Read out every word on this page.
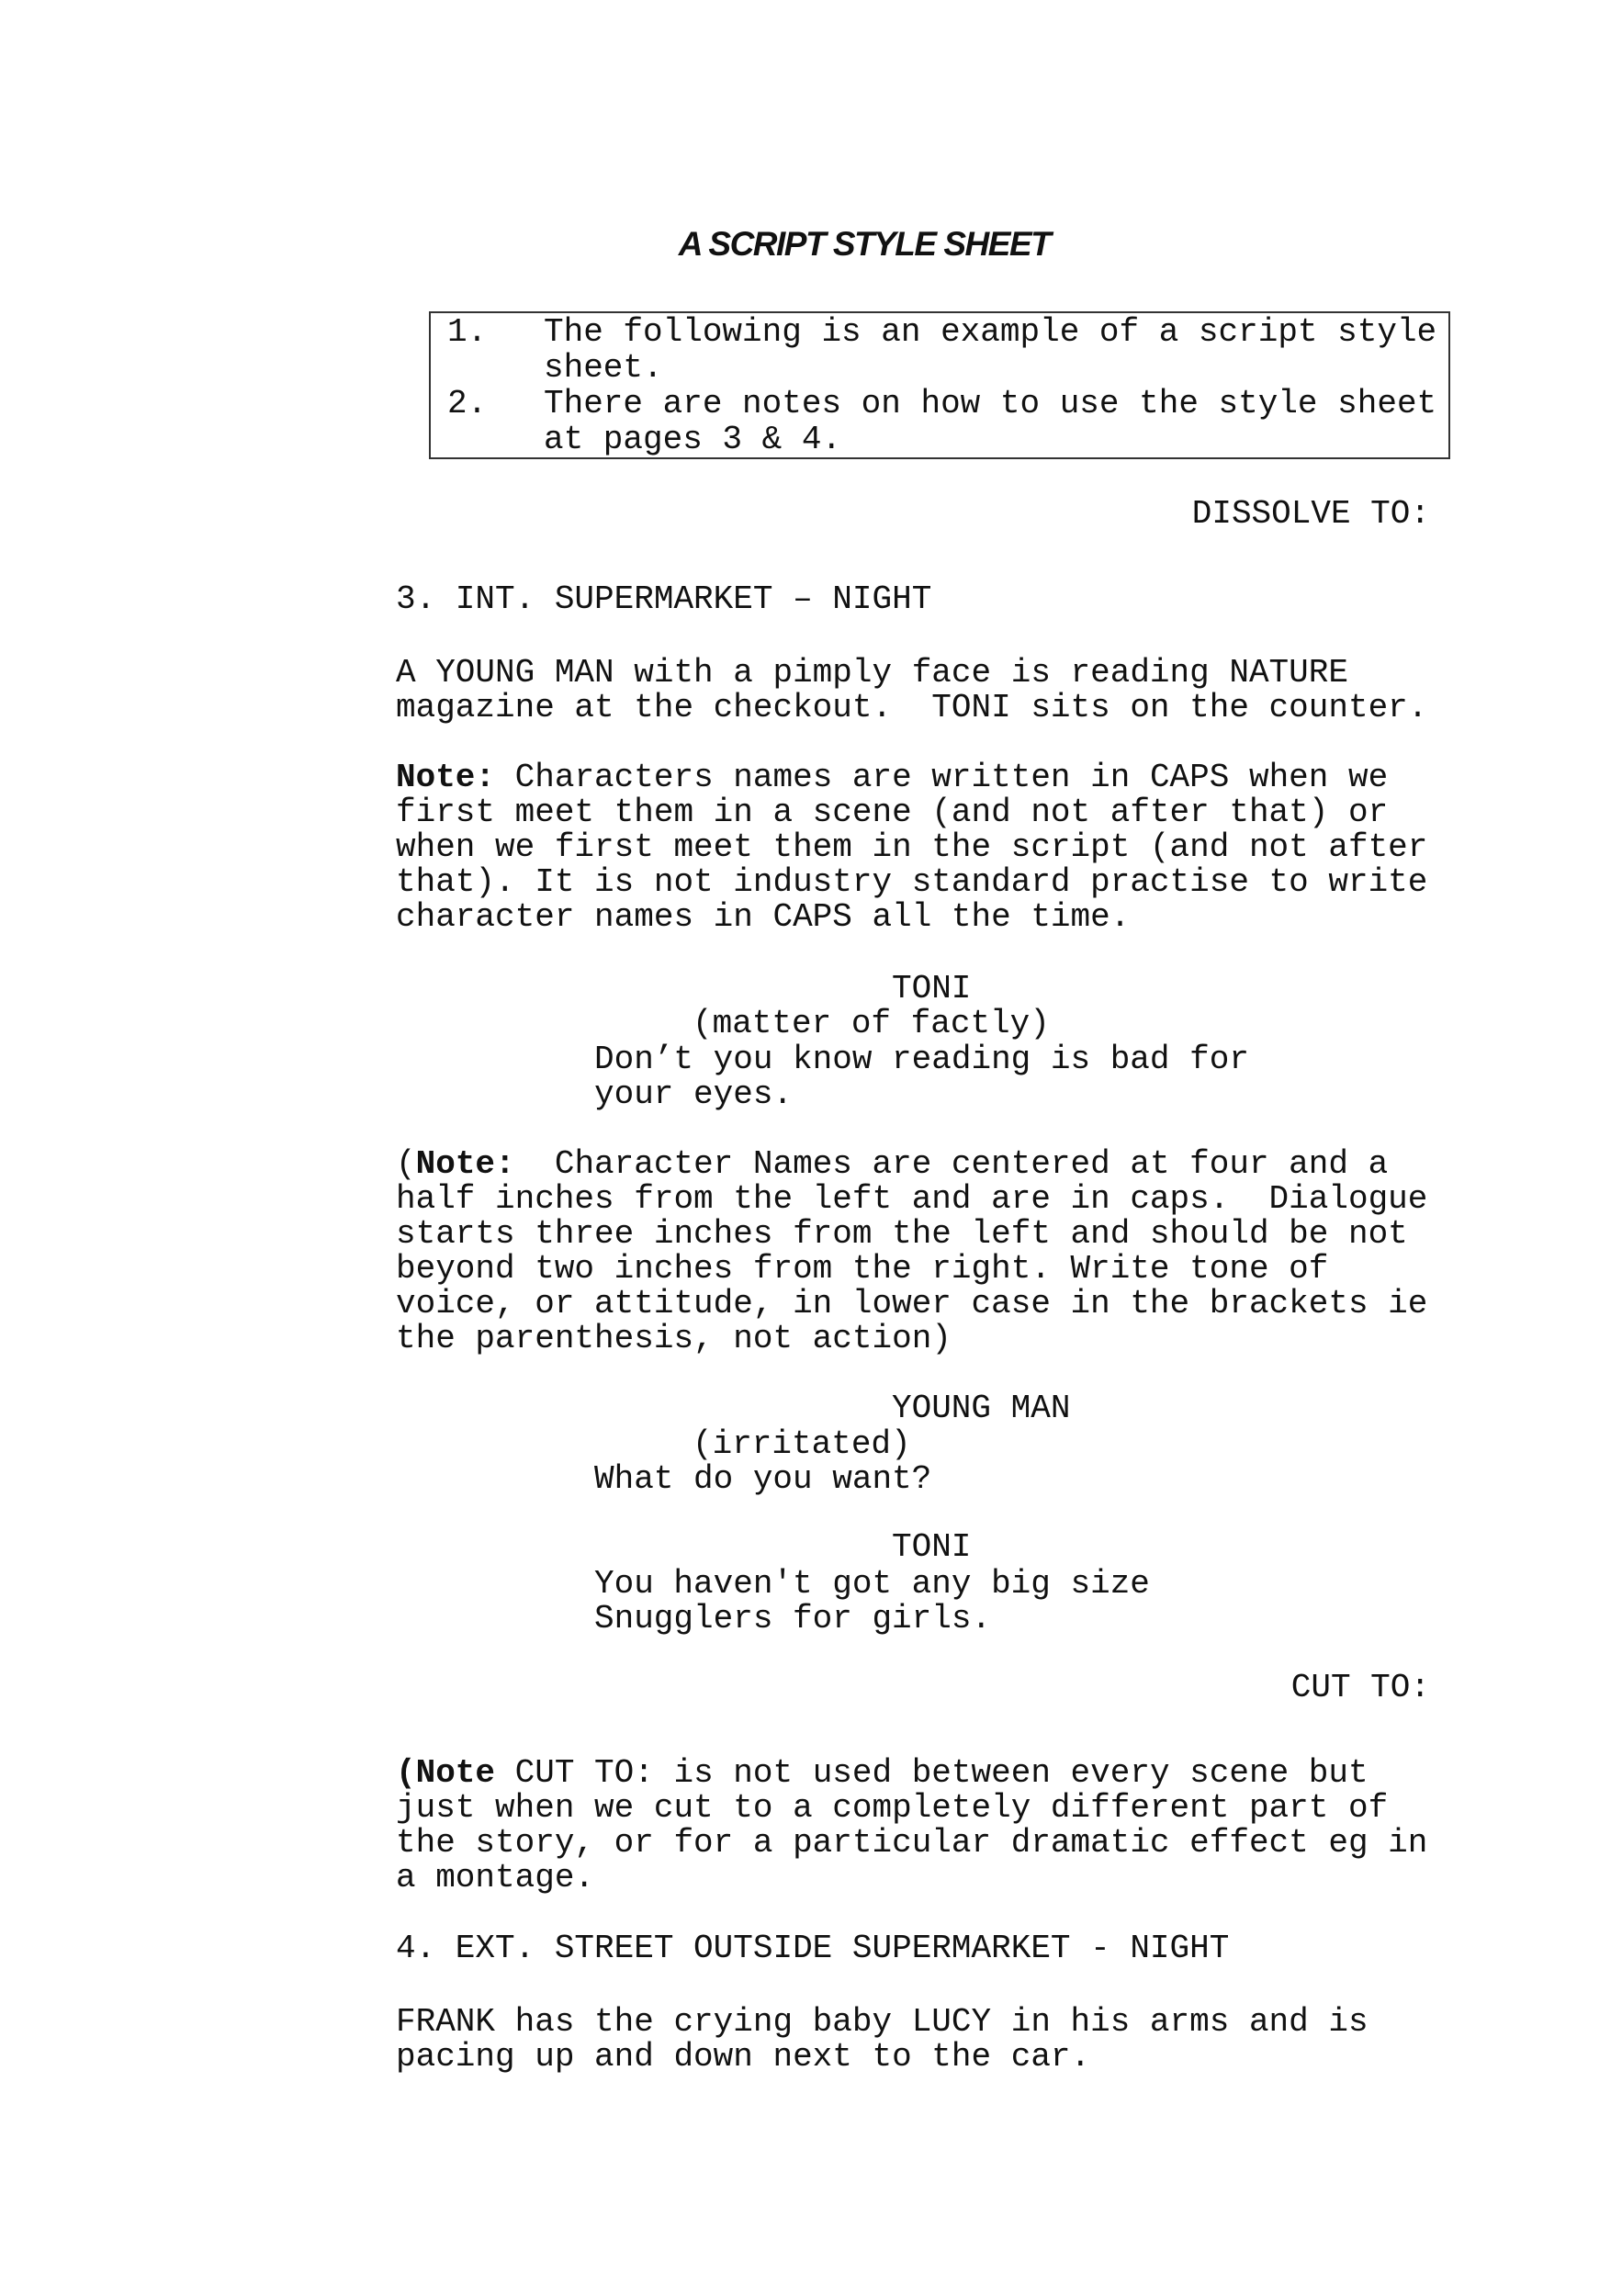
A SCRIPT STYLE SHEET
1. The following is an example of a script style
sheet.
2. There are notes on how to use the style sheet
at pages 3 & 4.
DISSOLVE TO:
3. INT. SUPERMARKET – NIGHT
A YOUNG MAN with a pimply face is reading NATURE
magazine at the checkout.  TONI sits on the counter.
Note: Characters names are written in CAPS when we
first meet them in a scene (and not after that) or
when we first meet them in the script (and not after
that). It is not industry standard practise to write
character names in CAPS all the time.
TONI
(matter of factly)
Don’t you know reading is bad for
your eyes.
(Note:  Character Names are centered at four and a
half inches from the left and are in caps.  Dialogue
starts three inches from the left and should be not
beyond two inches from the right. Write tone of
voice, or attitude, in lower case in the brackets ie
the parenthesis, not action)
YOUNG MAN
(irritated)
What do you want?
TONI
You haven't got any big size
Snugglers for girls.
CUT TO:
(Note CUT TO: is not used between every scene but
just when we cut to a completely different part of
the story, or for a particular dramatic effect eg in
a montage.
4. EXT. STREET OUTSIDE SUPERMARKET - NIGHT
FRANK has the crying baby LUCY in his arms and is
pacing up and down next to the car.
